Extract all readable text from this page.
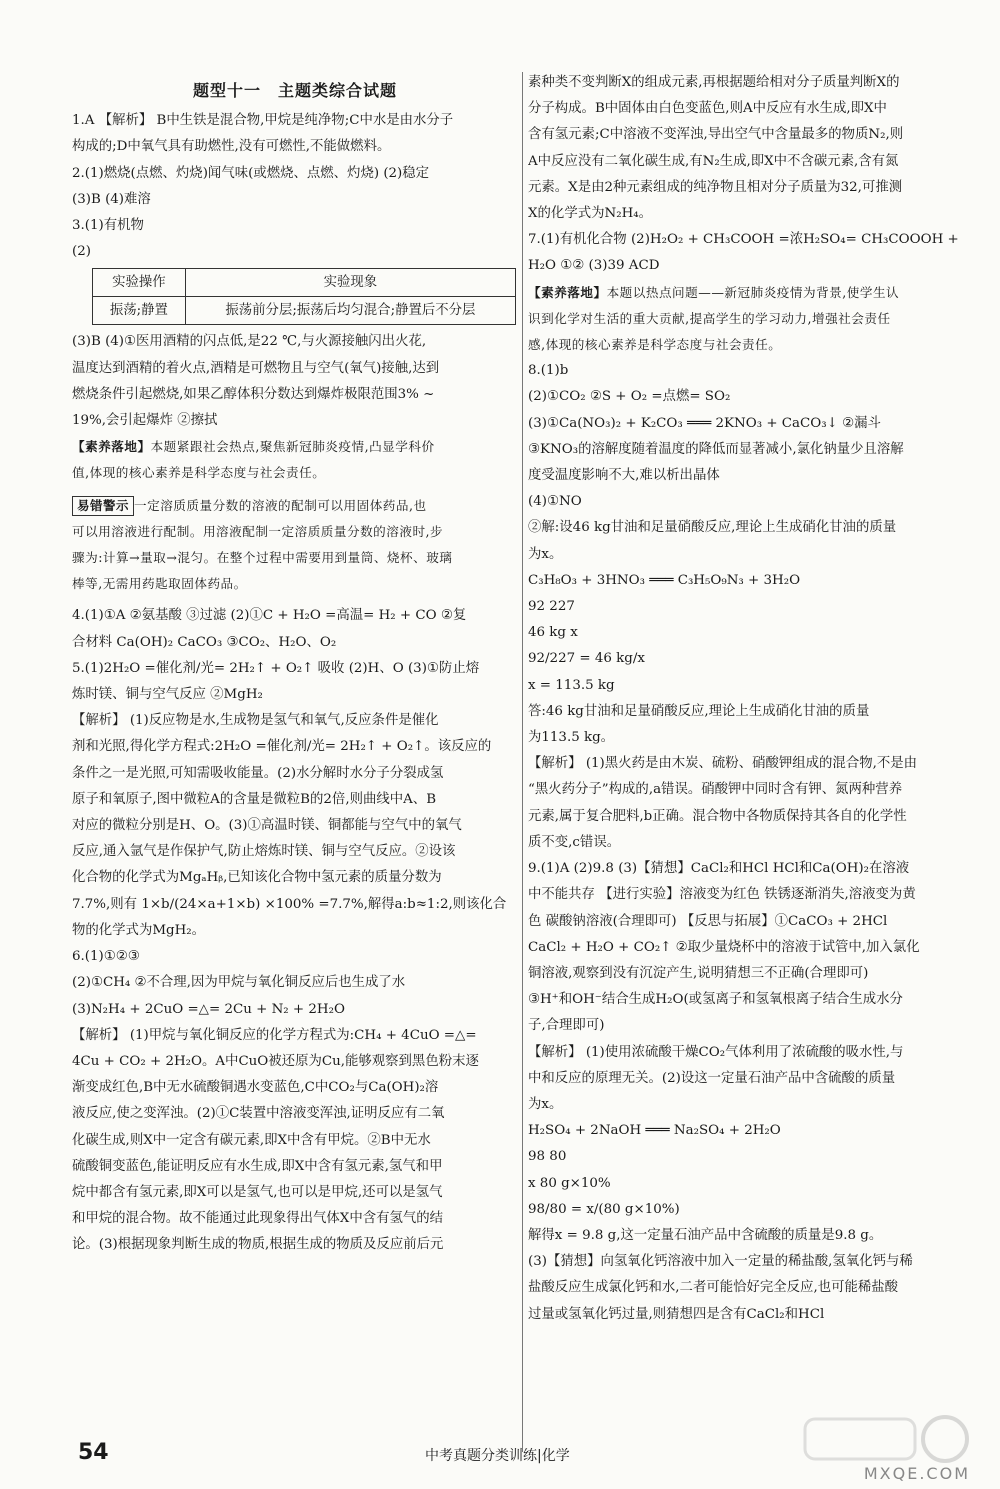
题型十一　主题类综合试题
1.A 【解析】 B中生铁是混合物,甲烷是纯净物;C中水是由水分子
构成的;D中氧气具有助燃性,没有可燃性,不能做燃料。
2.(1)燃烧(点燃、灼烧)闻气味(或燃烧、点燃、灼烧) (2)稳定
(3)B (4)难溶
3.(1)有机物
(2)
实验操作	实验现象
振荡;静置	振荡前分层;振荡后均匀混合;静置后不分层
(3)B (4)①医用酒精的闪点低,是22 ℃,与火源接触闪出火花,
温度达到酒精的着火点,酒精是可燃物且与空气(氧气)接触,达到
燃烧条件引起燃烧,如果乙醇体积分数达到爆炸极限范围3% ~
19%,会引起爆炸 ②擦拭
【素养落地】本题紧跟社会热点,聚焦新冠肺炎疫情,凸显学科价
值,体现的核心素养是科学态度与社会责任。
易错警示 一定溶质质量分数的溶液的配制可以用固体药品,也
可以用溶液进行配制。用溶液配制一定溶质质量分数的溶液时,步
骤为:计算→量取→混匀。在整个过程中需要用到量筒、烧杯、玻璃
棒等,无需用药匙取固体药品。
4.(1)①A ②氨基酸 ③过滤 (2)①C + H₂O =高温= H₂ + CO ②复
合材料 Ca(OH)₂ CaCO₃ ③CO₂、H₂O、O₂
5.(1)2H₂O =催化剂/光= 2H₂↑ + O₂↑ 吸收 (2)H、O (3)①防止熔
炼时镁、铜与空气反应 ②MgH₂
【解析】 (1)反应物是水,生成物是氢气和氧气,反应条件是催化
剂和光照,得化学方程式:2H₂O =催化剂/光= 2H₂↑ + O₂↑。该反应的
条件之一是光照,可知需吸收能量。(2)水分解时水分子分裂成氢
原子和氧原子,图中微粒A的含量是微粒B的2倍,则曲线中A、B
对应的微粒分别是H、O。(3)①高温时镁、铜都能与空气中的氧气
反应,通入氩气是作保护气,防止熔炼时镁、铜与空气反应。②设该
化合物的化学式为MgₐHᵦ,已知该化合物中氢元素的质量分数为
7.7%,则有 1×b/(24×a+1×b) ×100% =7.7%,解得a:b≈1:2,则该化合
物的化学式为MgH₂。
6.(1)①②③
(2)①CH₄ ②不合理,因为甲烷与氧化铜反应后也生成了水
(3)N₂H₄ + 2CuO =△= 2Cu + N₂ + 2H₂O
【解析】 (1)甲烷与氧化铜反应的化学方程式为:CH₄ + 4CuO =△=
4Cu + CO₂ + 2H₂O。A中CuO被还原为Cu,能够观察到黑色粉末逐
渐变成红色,B中无水硫酸铜遇水变蓝色,C中CO₂与Ca(OH)₂溶
液反应,使之变浑浊。(2)①C装置中溶液变浑浊,证明反应有二氧
化碳生成,则X中一定含有碳元素,即X中含有甲烷。②B中无水
硫酸铜变蓝色,能证明反应有水生成,即X中含有氢元素,氢气和甲
烷中都含有氢元素,即X可以是氢气,也可以是甲烷,还可以是氢气
和甲烷的混合物。故不能通过此现象得出气体X中含有氢气的结
论。(3)根据现象判断生成的物质,根据生成的物质及反应前后元
素种类不变判断X的组成元素,再根据题给相对分子质量判断X的
分子构成。B中固体由白色变蓝色,则A中反应有水生成,即X中
含有氢元素;C中溶液不变浑浊,导出空气中含量最多的物质N₂,则
A中反应没有二氧化碳生成,有N₂生成,即X中不含碳元素,含有氮
元素。X是由2种元素组成的纯净物且相对分子质量为32,可推测
X的化学式为N₂H₄。
7.(1)有机化合物 (2)H₂O₂ + CH₃COOH =浓H₂SO₄= CH₃COOOH +
H₂O ①② (3)39 ACD
【素养落地】本题以热点问题——新冠肺炎疫情为背景,使学生认
识到化学对生活的重大贡献,提高学生的学习动力,增强社会责任
感,体现的核心素养是科学态度与社会责任。
8.(1)b
(2)①CO₂ ②S + O₂ =点燃= SO₂
(3)①Ca(NO₃)₂ + K₂CO₃ ═══ 2KNO₃ + CaCO₃↓ ②漏斗
③KNO₃的溶解度随着温度的降低而显著减小,氯化钠量少且溶解
度受温度影响不大,难以析出晶体
(4)①NO
②解:设46 kg甘油和足量硝酸反应,理论上生成硝化甘油的质量
为x。
C₃H₈O₃ + 3HNO₃ ═══ C₃H₅O₉N₃ + 3H₂O
92 227
46 kg x
92/227 = 46 kg/x
x = 113.5 kg
答:46 kg甘油和足量硝酸反应,理论上生成硝化甘油的质量
为113.5 kg。
【解析】 (1)黑火药是由木炭、硫粉、硝酸钾组成的混合物,不是由
“黑火药分子”构成的,a错误。硝酸钾中同时含有钾、氮两种营养
元素,属于复合肥料,b正确。混合物中各物质保持其各自的化学性
质不变,c错误。
9.(1)A (2)9.8 (3)【猜想】CaCl₂和HCl HCl和Ca(OH)₂在溶液
中不能共存 【进行实验】溶液变为红色 铁锈逐渐消失,溶液变为黄
色 碳酸钠溶液(合理即可) 【反思与拓展】①CaCO₃ + 2HCl
CaCl₂ + H₂O + CO₂↑ ②取少量烧杯中的溶液于试管中,加入氯化
铜溶液,观察到没有沉淀产生,说明猜想三不正确(合理即可)
③H⁺和OH⁻结合生成H₂O(或氢离子和氢氧根离子结合生成水分
子,合理即可)
【解析】 (1)使用浓硫酸干燥CO₂气体利用了浓硫酸的吸水性,与
中和反应的原理无关。(2)设这一定量石油产品中含硫酸的质量
为x。
H₂SO₄ + 2NaOH ═══ Na₂SO₄ + 2H₂O
98 80
x 80 g×10%
98/80 = x/(80 g×10%)
解得x = 9.8 g,这一定量石油产品中含硫酸的质量是9.8 g。
(3)【猜想】向氢氧化钙溶液中加入一定量的稀盐酸,氢氧化钙与稀
盐酸反应生成氯化钙和水,二者可能恰好完全反应,也可能稀盐酸
过量或氢氧化钙过量,则猜想四是含有CaCl₂和HCl
54	中考真题分类训练|化学
MXQE.COM
